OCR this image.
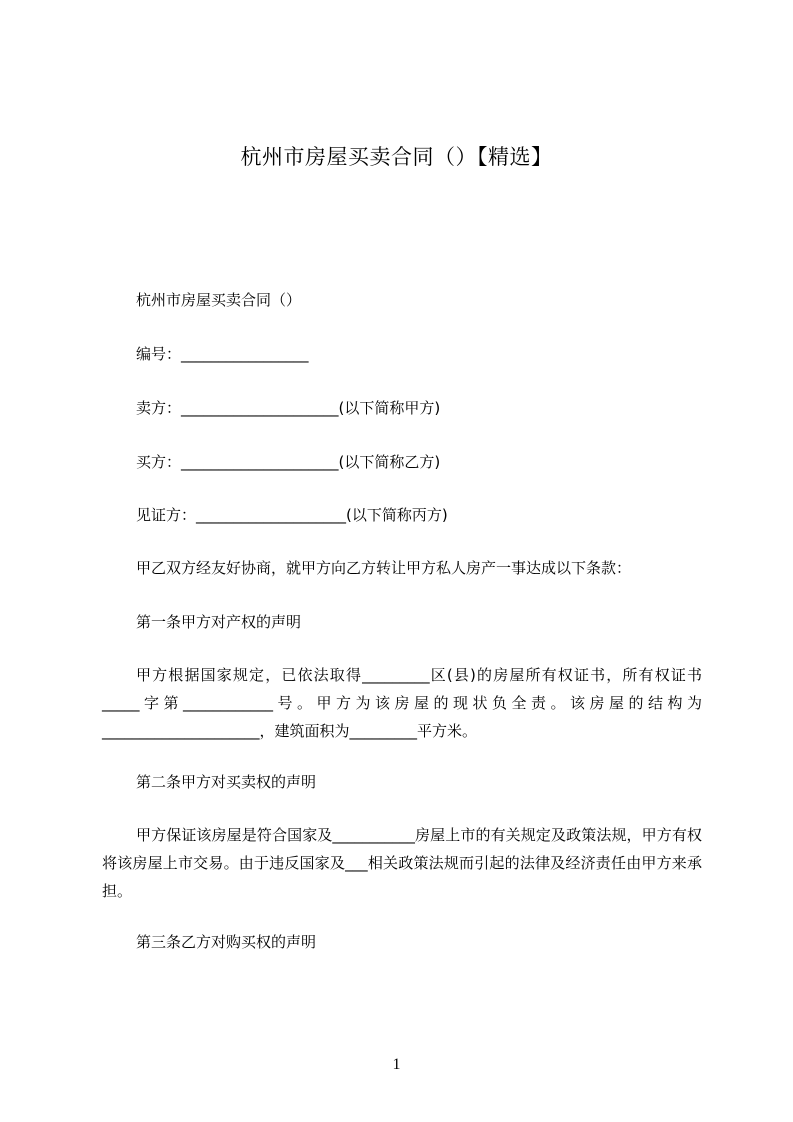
杭州市房屋买卖合同（）【精选】
杭州市房屋买卖合同（）
编号：_________________
卖方：_____________________(以下简称甲方)
买方：_____________________(以下简称乙方)
见证方：____________________(以下简称丙方)
甲乙双方经友好协商，就甲方向乙方转让甲方私人房产一事达成以下条款：
第一条甲方对产权的声明
甲方根据国家规定，已依法取得_________区(县)的房屋所有权证书，所有权证书_____字第____________号。甲方为该房屋的现状负全责。该房屋的结构为_____________________，建筑面积为_________平方米。
第二条甲方对买卖权的声明
甲方保证该房屋是符合国家及___________房屋上市的有关规定及政策法规，甲方有权将该房屋上市交易。由于违反国家及___相关政策法规而引起的法律及经济责任由甲方来承担。
第三条乙方对购买权的声明
1
